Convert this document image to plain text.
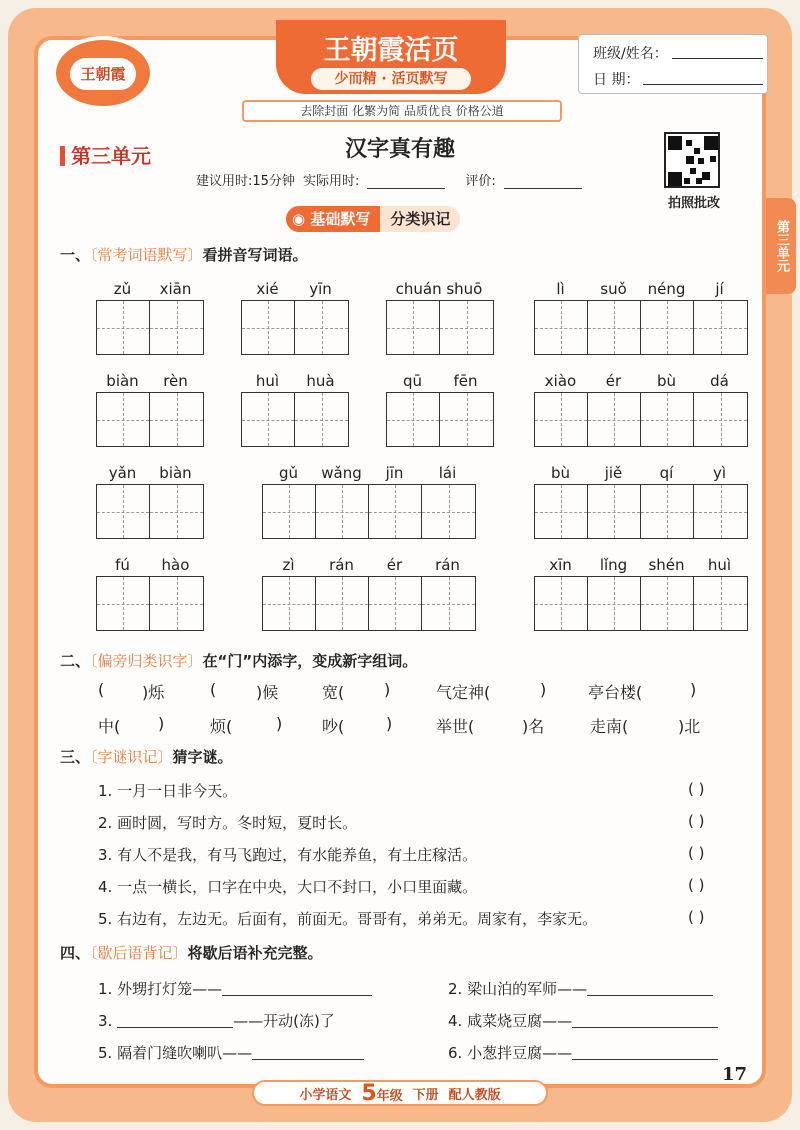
王朝霞
王朝霞活页
少而精 · 活页默写
去除封面 化繁为简 品质优良 价格公道
班级/姓名：
日 期：
第三单元	汉字真有趣
建议用时:15分钟 实际用时:	评价:
拍照批改
第三单元
◉ 基础默写	分类识记
一、〔常考词语默写〕看拼音写词语。
zǔ	xiān	xié	yīn	chuán shuō	lì	suǒ	néng	jí
biàn	rèn	huì	huà	qū	fēn	xiào	ér	bù	dá
yǎn	biàn	gǔ	wǎng	jīn	lái	bù	jiě	qí	yì
fú	hào	zì	rán	ér	rán	xīn	lǐng	shén	huì
二、〔偏旁归类识字〕在“门”内添字，变成新字组词。
( )烁	( )候	宽( )	气定神(	)	亭台楼(	)
中( )	烦(	) 吵(	)	举世(	)名	走南(	)北
三、〔字谜识记〕猜字谜。
1. 一月一日非今天。	( )
2. 画时圆，写时方。冬时短，夏时长。	( )
3. 有人不是我，有马飞跑过，有水能养鱼，有土庄稼活。	( )
4. 一点一横长，口字在中央，大口不封口，小口里面藏。	( )
5. 右边有，左边无。后面有，前面无。哥哥有，弟弟无。周家有，李家无。	( )
四、〔歇后语背记〕将歇后语补充完整。
1. 外甥打灯笼——	2. 梁山泊的军师——
3.	——开动(冻)了	4. 咸菜烧豆腐——
5. 隔着门缝吹喇叭——	6. 小葱拌豆腐——
17
小学语文 5年级 下册 配人教版
